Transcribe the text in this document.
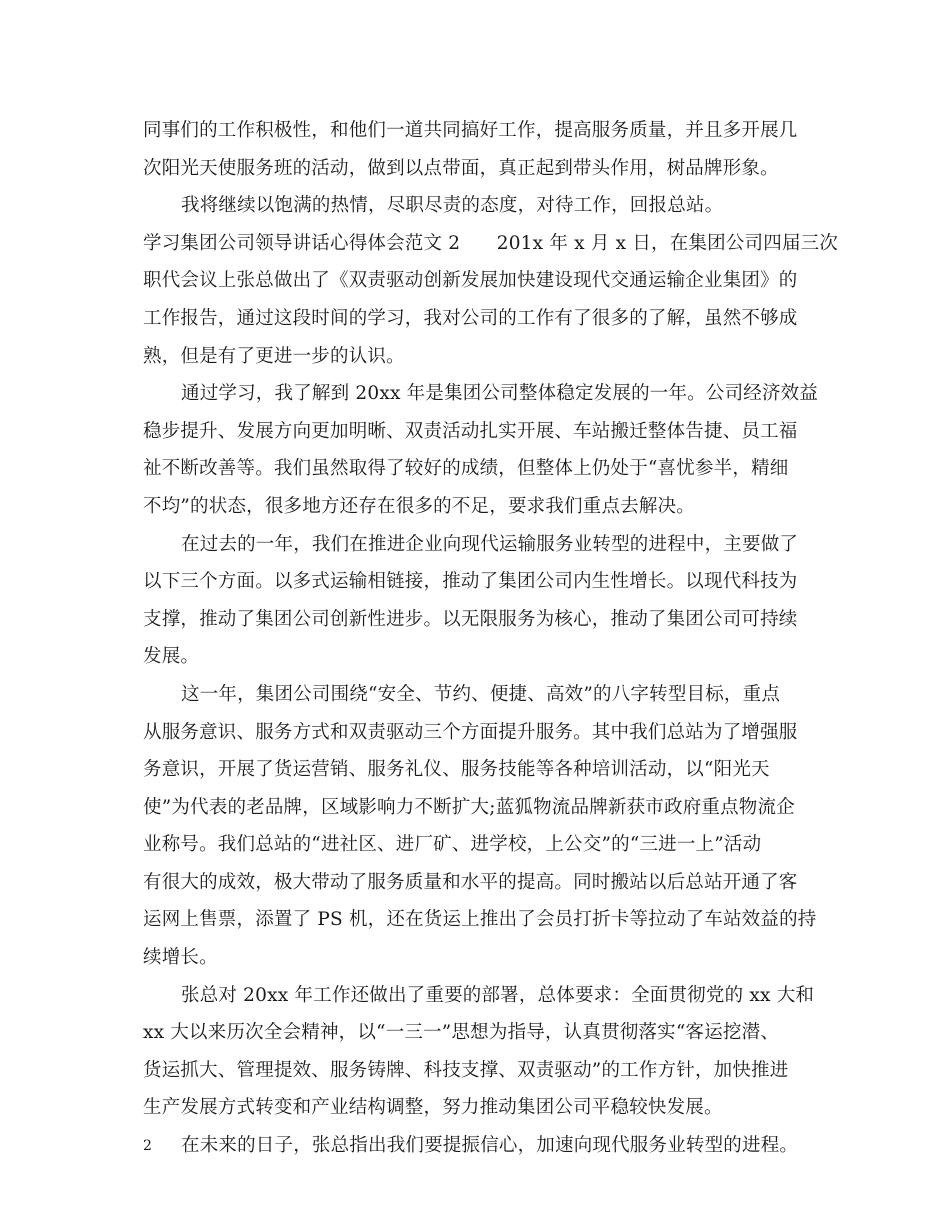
同事们的工作积极性，和他们一道共同搞好工作，提高服务质量，并且多开展几
次阳光天使服务班的活动，做到以点带面，真正起到带头作用，树品牌形象。
我将继续以饱满的热情，尽职尽责的态度，对待工作，回报总站。
学习集团公司领导讲话心得体会范文 2      201x 年 x 月 x 日，在集团公司四届三次
职代会议上张总做出了《双责驱动创新发展加快建设现代交通运输企业集团》的
工作报告，通过这段时间的学习，我对公司的工作有了很多的了解，虽然不够成
熟，但是有了更进一步的认识。
通过学习，我了解到 20xx 年是集团公司整体稳定发展的一年。公司经济效益
稳步提升、发展方向更加明晰、双责活动扎实开展、车站搬迁整体告捷、员工福
祉不断改善等。我们虽然取得了较好的成绩，但整体上仍处于“喜忧参半，精细
不均”的状态，很多地方还存在很多的不足，要求我们重点去解决。
在过去的一年，我们在推进企业向现代运输服务业转型的进程中，主要做了
以下三个方面。以多式运输相链接，推动了集团公司内生性增长。以现代科技为
支撑，推动了集团公司创新性进步。以无限服务为核心，推动了集团公司可持续
发展。
这一年，集团公司围绕“安全、节约、便捷、高效”的八字转型目标，重点
从服务意识、服务方式和双责驱动三个方面提升服务。其中我们总站为了增强服
务意识，开展了货运营销、服务礼仪、服务技能等各种培训活动，以“阳光天
使”为代表的老品牌，区域影响力不断扩大;蓝狐物流品牌新获市政府重点物流企
业称号。我们总站的“进社区、进厂矿、进学校，上公交”的“三进一上”活动
有很大的成效，极大带动了服务质量和水平的提高。同时搬站以后总站开通了客
运网上售票，添置了 PS 机，还在货运上推出了会员打折卡等拉动了车站效益的持
续增长。
张总对 20xx 年工作还做出了重要的部署，总体要求：全面贯彻党的 xx 大和
xx 大以来历次全会精神，以“一三一”思想为指导，认真贯彻落实“客运挖潜、
货运抓大、管理提效、服务铸牌、科技支撑、双责驱动”的工作方针，加快推进
生产发展方式转变和产业结构调整，努力推动集团公司平稳较快发展。
在未来的日子，张总指出我们要提振信心，加速向现代服务业转型的进程。
2
